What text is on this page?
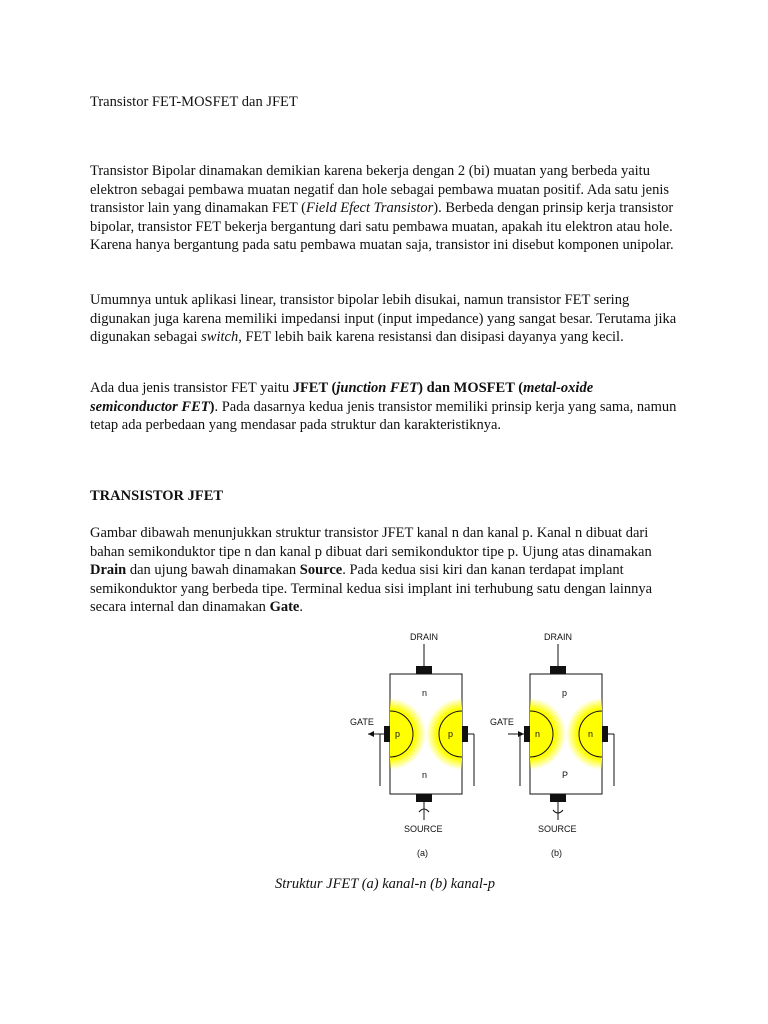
Transistor FET-MOSFET dan JFET

Transistor Bipolar dinamakan demikian karena bekerja dengan 2 (bi) muatan yang berbeda yaitu elektron sebagai pembawa muatan negatif dan hole sebagai pembawa muatan positif. Ada satu jenis transistor lain yang dinamakan FET (Field Efect Transistor). Berbeda dengan prinsip kerja transistor bipolar, transistor FET bekerja bergantung dari satu pembawa muatan, apakah itu elektron atau hole. Karena hanya bergantung pada satu pembawa muatan saja, transistor ini disebut komponen unipolar.

Umumnya untuk aplikasi linear, transistor bipolar lebih disukai, namun transistor FET sering digunakan juga karena memiliki impedansi input (input impedance) yang sangat besar. Terutama jika digunakan sebagai switch, FET lebih baik karena resistansi dan disipasi dayanya yang kecil.

Ada dua jenis transistor FET yaitu JFET (junction FET) dan MOSFET (metal-oxide semiconductor FET). Pada dasarnya kedua jenis transistor memiliki prinsip kerja yang sama, namun tetap ada perbedaan yang mendasar pada struktur dan karakteristiknya.

TRANSISTOR JFET

Gambar dibawah menunjukkan struktur transistor JFET kanal n dan kanal p. Kanal n dibuat dari bahan semikonduktor tipe n dan kanal p dibuat dari semikonduktor tipe p. Ujung atas dinamakan Drain dan ujung bawah dinamakan Source. Pada kedua sisi kiri dan kanan terdapat implant semikonduktor yang berbeda tipe. Terminal kedua sisi implant ini terhubung satu dengan lainnya secara internal dan dinamakan Gate.

DRAIN
n
n
p	p
GATE
SOURCE
(a)
DRAIN
p
P
n	n
GATE
SOURCE
(b)
Struktur JFET (a) kanal-n (b) kanal-p
